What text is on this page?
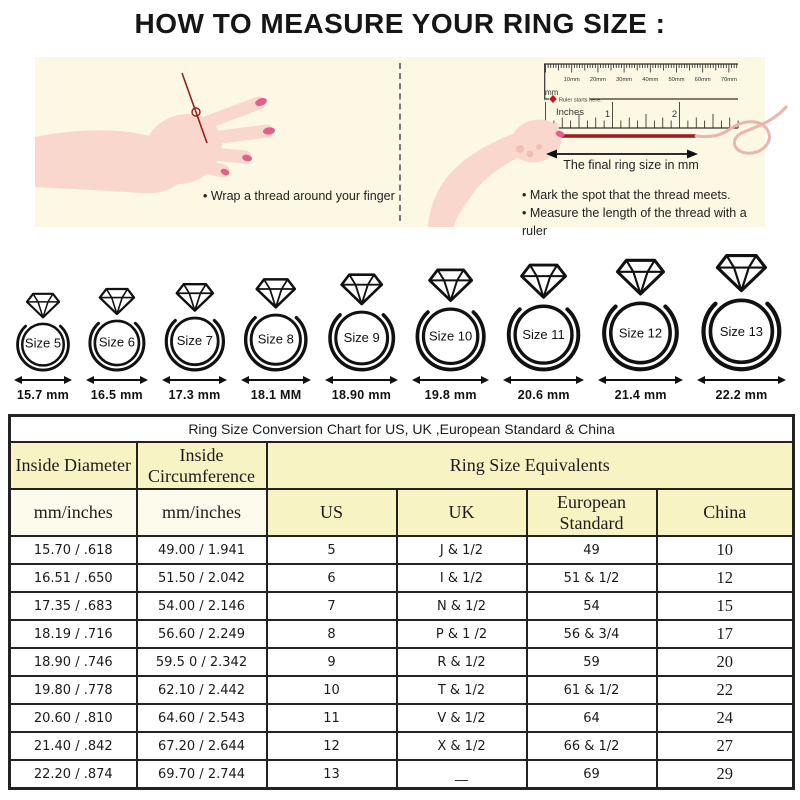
HOW TO MEASURE YOUR RING SIZE :
• Wrap a thread around your finger
10mm 20mm 30mm 40mm 50mm 60mm 70mm
1	2
mm
Ruler starts here.
Inches
The final ring size in mm
• Mark the spot that the thread meets.
• Measure the length of the thread with a ruler
Size 5
15.7 mm
Size 6
16.5 mm
Size 7
17.3 mm
Size 8
18.1 MM
Size 9
18.90 mm
Size 10
19.8 mm
Size 11
20.6 mm
Size 12
21.4 mm
Size 13
22.2 mm
Ring Size Conversion Chart for US, UK ,European Standard & China					
Inside Diameter	Inside Circumference	Ring Size Equivalents			
mm/inches	mm/inches	US	UK	European Standard	China
15.70 / .618	49.00 / 1.941	5	J & 1/2	49	10
16.51 / .650	51.50 / 2.042	6	I & 1/2	51 & 1/2	12
17.35 / .683	54.00 / 2.146	7	N & 1/2	54	15
18.19 / .716	56.60 / 2.249	8	P & 1 /2	56 & 3/4	17
18.90 / .746	59.5 0 / 2.342	9	R & 1/2	59	20
19.80 / .778	62.10 / 2.442	10	T & 1/2	61 & 1/2	22
20.60 / .810	64.60 / 2.543	11	V & 1/2	64	24
21.40 / .842	67.20 / 2.644	12	X & 1/2	66 & 1/2	27
22.20 / .874	69.70 / 2.744	13	__	69	29
